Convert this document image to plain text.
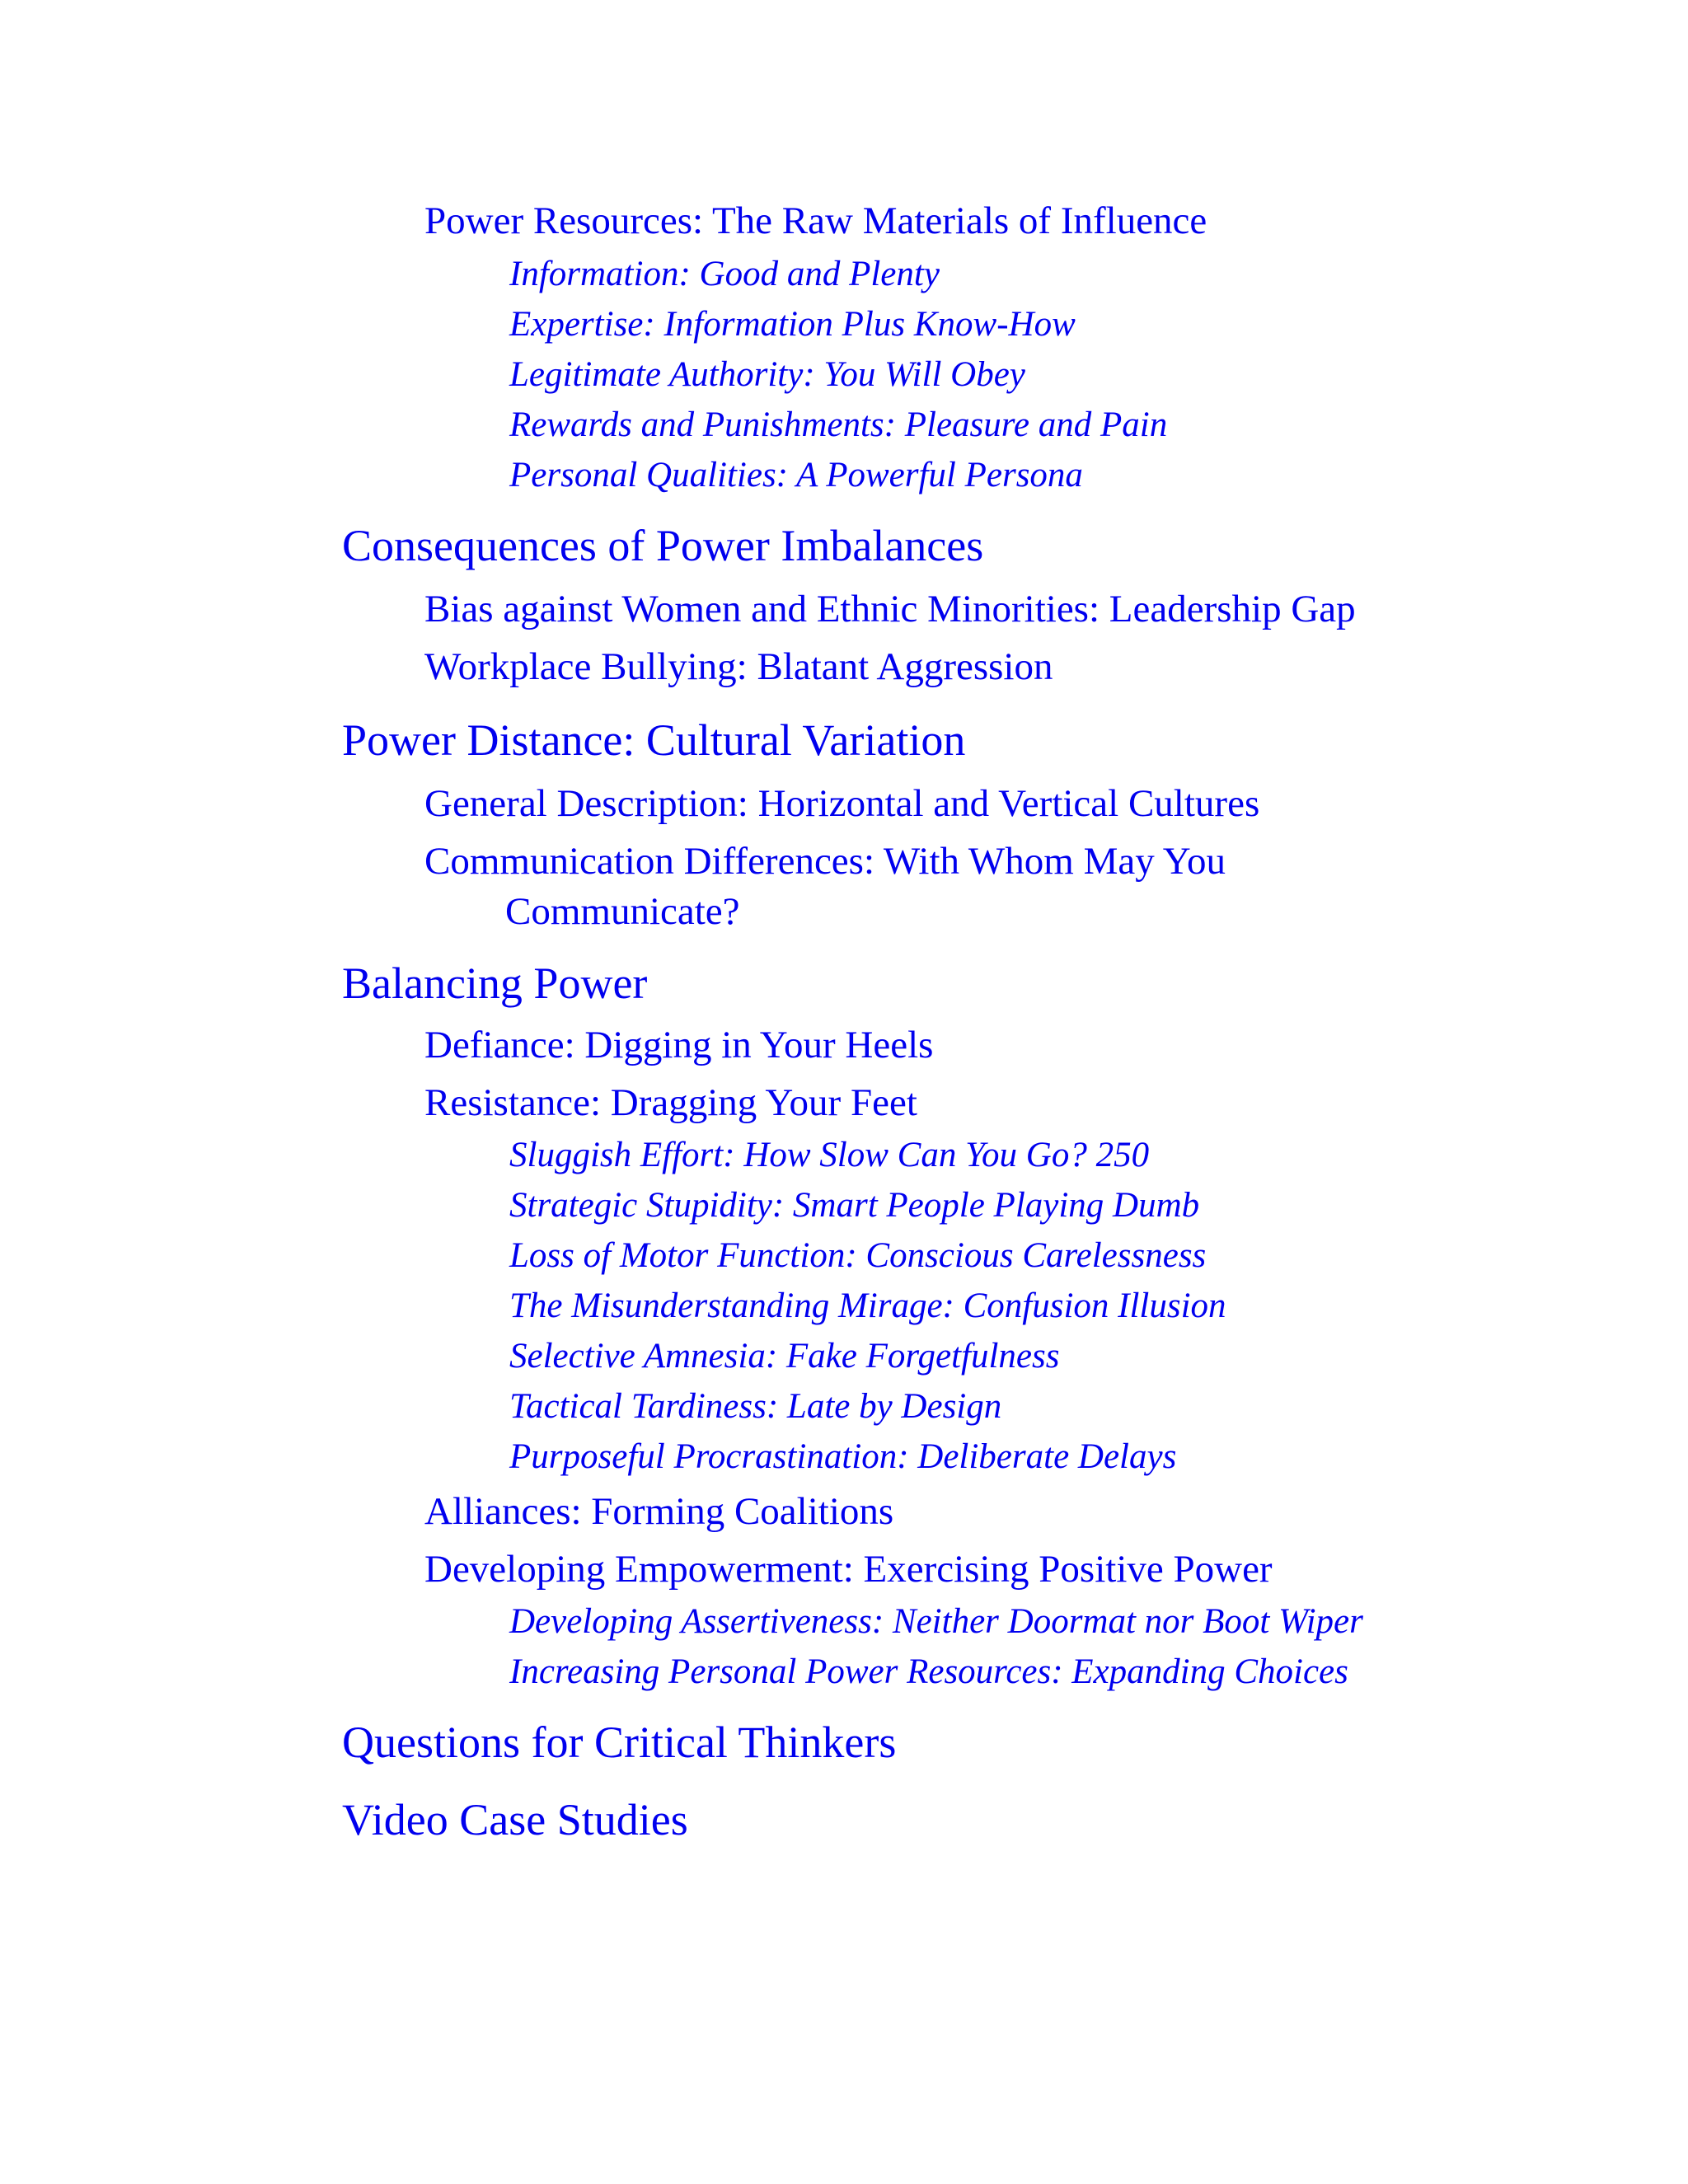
Power Resources: The Raw Materials of Influence
Information: Good and Plenty
Expertise: Information Plus Know-How
Legitimate Authority: You Will Obey
Rewards and Punishments: Pleasure and Pain
Personal Qualities: A Powerful Persona
Consequences of Power Imbalances
Bias against Women and Ethnic Minorities: Leadership Gap
Workplace Bullying: Blatant Aggression
Power Distance: Cultural Variation
General Description: Horizontal and Vertical Cultures
Communication Differences: With Whom May You
Communicate?
Balancing Power
Defiance: Digging in Your Heels
Resistance: Dragging Your Feet
Sluggish Effort: How Slow Can You Go? 250
Strategic Stupidity: Smart People Playing Dumb
Loss of Motor Function: Conscious Carelessness
The Misunderstanding Mirage: Confusion Illusion
Selective Amnesia: Fake Forgetfulness
Tactical Tardiness: Late by Design
Purposeful Procrastination: Deliberate Delays
Alliances: Forming Coalitions
Developing Empowerment: Exercising Positive Power
Developing Assertiveness: Neither Doormat nor Boot Wiper
Increasing Personal Power Resources: Expanding Choices
Questions for Critical Thinkers
Video Case Studies
